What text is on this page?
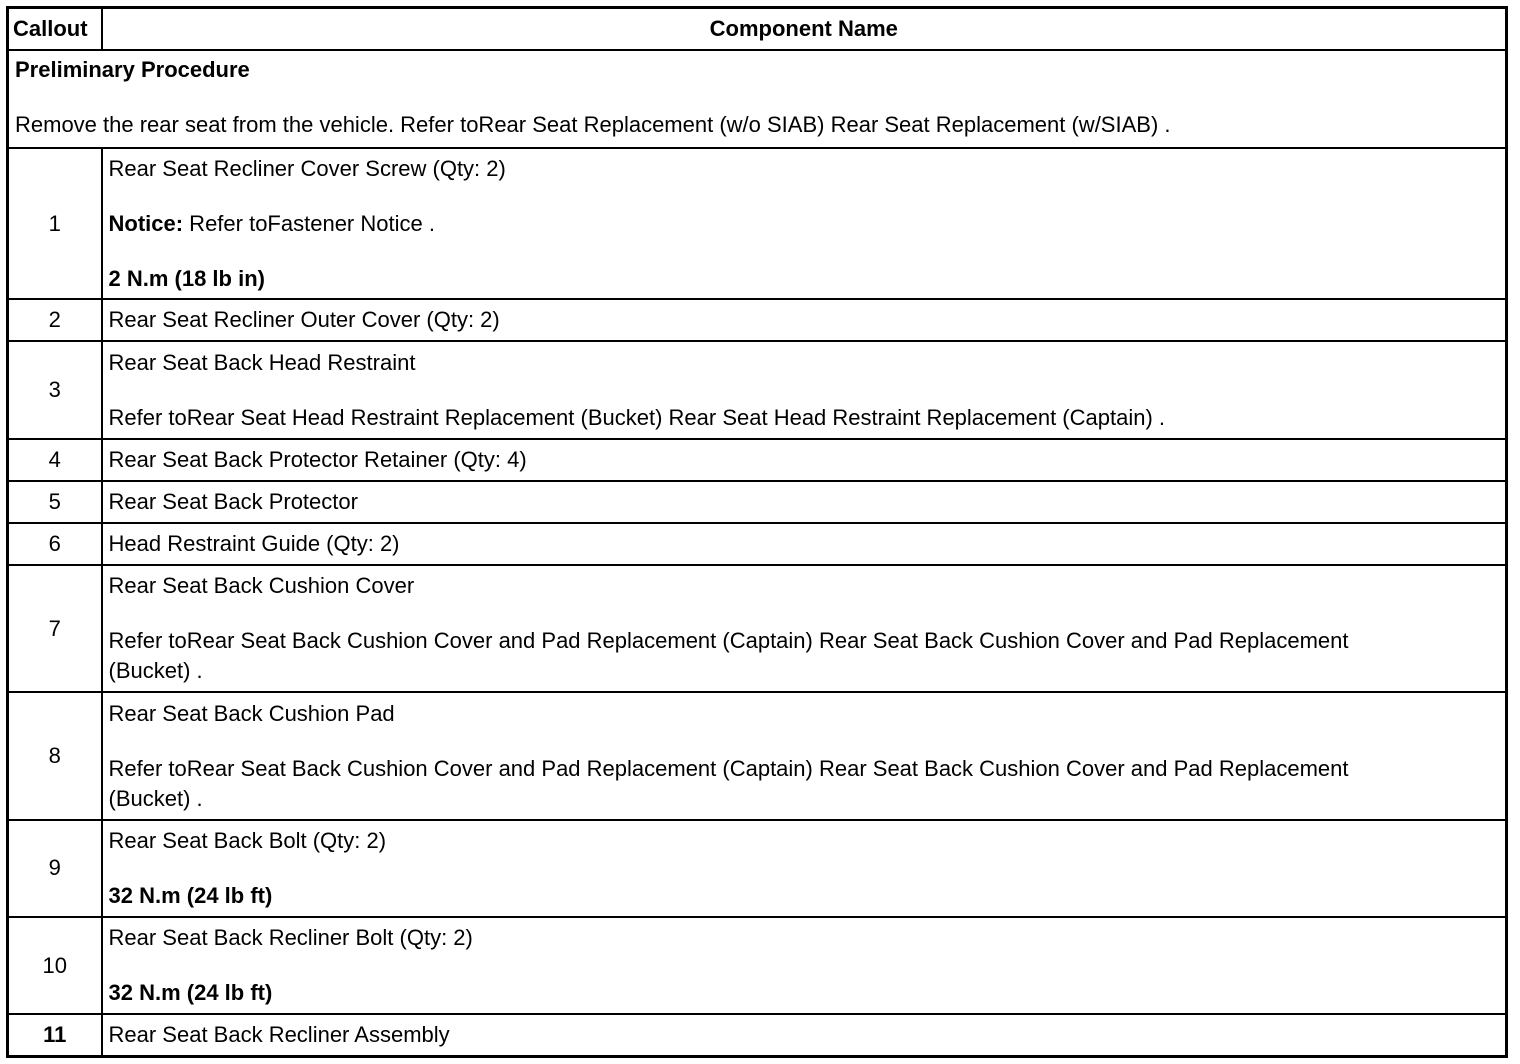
Callout	Component Name

Preliminary Procedure
Remove the rear seat from the vehicle. Refer toRear Seat Replacement (w/o SIAB) Rear Seat Replacement (w/SIAB) .	

1	Rear Seat Recliner Cover Screw (Qty: 2)
Notice: Refer toFastener Notice .
2 N.m (18 lb in)

2	Rear Seat Recliner Outer Cover (Qty: 2)
3	Rear Seat Back Head Restraint
Refer toRear Seat Head Restraint Replacement (Bucket) Rear Seat Head Restraint Replacement (Captain) .

4	Rear Seat Back Protector Retainer (Qty: 4)
5	Rear Seat Back Protector
6	Head Restraint Guide (Qty: 2)
7	Rear Seat Back Cushion Cover
Refer toRear Seat Back Cushion Cover and Pad Replacement (Captain) Rear Seat Back Cushion Cover and Pad Replacement (Bucket) .

8	Rear Seat Back Cushion Pad
Refer toRear Seat Back Cushion Cover and Pad Replacement (Captain) Rear Seat Back Cushion Cover and Pad Replacement (Bucket) .

9	Rear Seat Back Bolt (Qty: 2)
32 N.m (24 lb ft)

10	Rear Seat Back Recliner Bolt (Qty: 2)
32 N.m (24 lb ft)

11	Rear Seat Back Recliner Assembly
